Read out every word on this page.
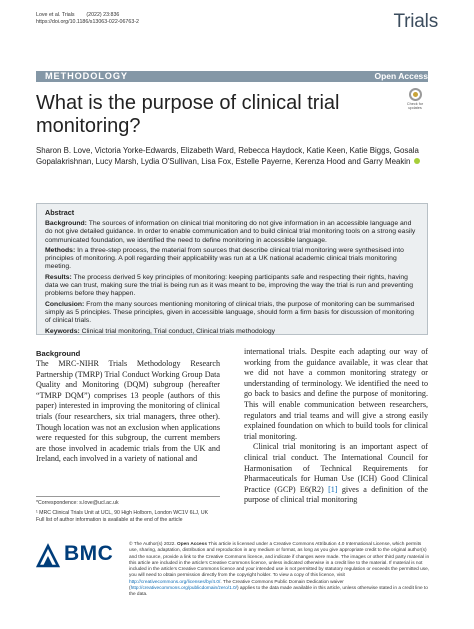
Love et al. Trials (2022) 23:836
https://doi.org/10.1186/s13063-022-06763-2	Trials
METHODOLOGY	Open Access
Check for updates
What is the purpose of clinical trial monitoring?
Sharon B. Love, Victoria Yorke-Edwards, Elizabeth Ward, Rebecca Haydock, Katie Keen, Katie Biggs, Gosala Gopalakrishnan, Lucy Marsh, Lydia O'Sullivan, Lisa Fox, Estelle Payerne, Kerenza Hood and Garry Meakin
Abstract

Background: The sources of information on clinical trial monitoring do not give information in an accessible language and do not give detailed guidance. In order to enable communication and to build clinical trial monitoring tools on a strong easily communicated foundation, we identified the need to define monitoring in accessible language.

Methods: In a three-step process, the material from sources that describe clinical trial monitoring were synthesised into principles of monitoring. A poll regarding their applicability was run at a UK national academic clinical trials monitoring meeting.

Results: The process derived 5 key principles of monitoring: keeping participants safe and respecting their rights, having data we can trust, making sure the trial is being run as it was meant to be, improving the way the trial is run and preventing problems before they happen.

Conclusion: From the many sources mentioning monitoring of clinical trials, the purpose of monitoring can be summarised simply as 5 principles. These principles, given in accessible language, should form a firm basis for discussion of monitoring of clinical trials.

Keywords: Clinical trial monitoring, Trial conduct, Clinical trials methodology

Background

The MRC-NIHR Trials Methodology Research Partnership (TMRP) Trial Conduct Working Group Data Quality and Monitoring (DQM) subgroup (hereafter “TMRP DQM”) comprises 13 people (authors of this paper) interested in improving the monitoring of clinical trials (four researchers, six trial managers, three other). Though location was not an exclusion when applications were requested for this subgroup, the current members are those involved in academic trials from the UK and Ireland, each involved in a variety of national and

international trials. Despite each adapting our way of working from the guidance available, it was clear that we did not have a common monitoring strategy or understanding of terminology. We identified the need to go back to basics and define the purpose of monitoring. This will enable communication between researchers, regulators and trial teams and will give a strong easily explained foundation on which to build tools for clinical trial monitoring.

Clinical trial monitoring is an important aspect of clinical trial conduct. The International Council for Harmonisation of Technical Requirements for Pharmaceuticals for Human Use (ICH) Good Clinical Practice (GCP) E6(R2) [1] gives a definition of the purpose of clinical trial monitoring

*Correspondence: s.love@ucl.ac.uk
¹ MRC Clinical Trials Unit at UCL, 90 High Holborn, London WC1V 6LJ, UK
Full list of author information is available at the end of the article
BMC	© The Author(s) 2022. Open Access This article is licensed under a Creative Commons Attribution 4.0 International License, which permits use, sharing, adaptation, distribution and reproduction in any medium or format, as long as you give appropriate credit to the original author(s) and the source, provide a link to the Creative Commons licence, and indicate if changes were made. The images or other third party material in this article are included in the article’s Creative Commons licence, unless indicated otherwise in a credit line to the material. If material is not included in the article’s Creative Commons licence and your intended use is not permitted by statutory regulation or exceeds the permitted use, you will need to obtain permission directly from the copyright holder. To view a copy of this licence, visit http://creativecommons.org/licenses/by/4.0/. The Creative Commons Public Domain Dedication waiver (http://creativecommons.org/publicdomain/zero/1.0/) applies to the data made available in this article, unless otherwise stated in a credit line to the data.
